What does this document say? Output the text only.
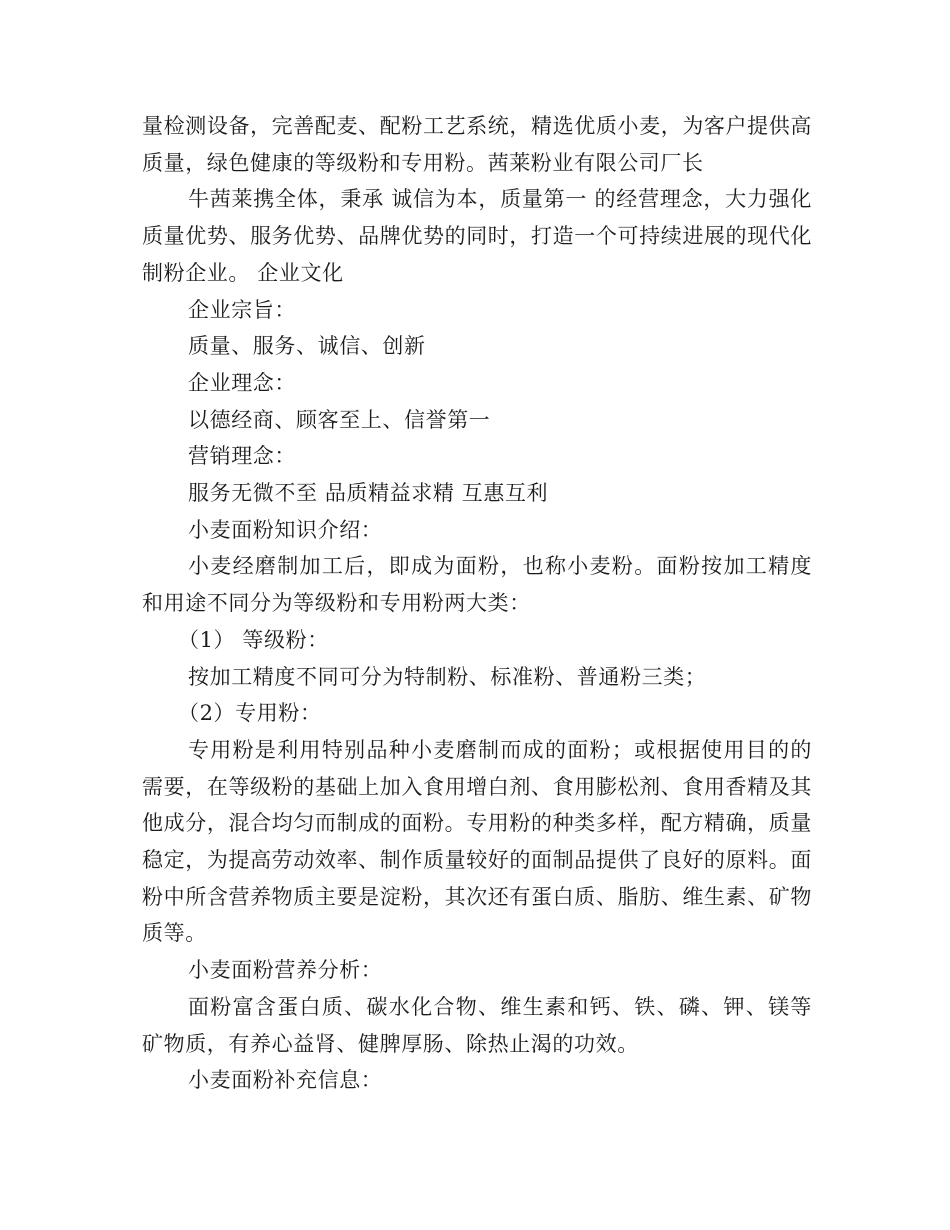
量检测设备，完善配麦、配粉工艺系统，精选优质小麦，为客户提供高质量，绿色健康的等级粉和专用粉。茜莱粉业有限公司厂长

牛茜莱携全体，秉承 诚信为本，质量第一 的经营理念，大力强化质量优势、服务优势、品牌优势的同时，打造一个可持续进展的现代化制粉企业。 企业文化

企业宗旨：

质量、服务、诚信、创新

企业理念：

以德经商、顾客至上、信誉第一

营销理念：

服务无微不至 品质精益求精 互惠互利

小麦面粉知识介绍：

小麦经磨制加工后，即成为面粉，也称小麦粉。面粉按加工精度和用途不同分为等级粉和专用粉两大类：

（1） 等级粉：

按加工精度不同可分为特制粉、标准粉、普通粉三类；

（2）专用粉：

专用粉是利用特别品种小麦磨制而成的面粉；或根据使用目的的需要，在等级粉的基础上加入食用增白剂、食用膨松剂、食用香精及其他成分，混合均匀而制成的面粉。专用粉的种类多样，配方精确，质量稳定，为提高劳动效率、制作质量较好的面制品提供了良好的原料。面粉中所含营养物质主要是淀粉，其次还有蛋白质、脂肪、维生素、矿物质等。

小麦面粉营养分析：

面粉富含蛋白质、碳水化合物、维生素和钙、铁、磷、钾、镁等矿物质，有养心益肾、健脾厚肠、除热止渴的功效。

小麦面粉补充信息：
